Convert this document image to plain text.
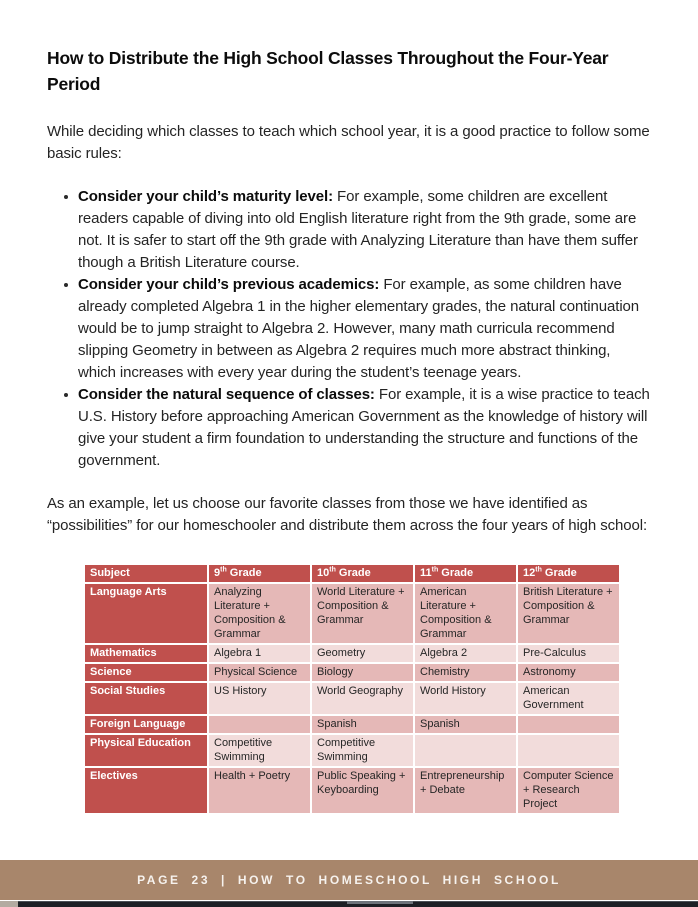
How to Distribute the High School Classes Throughout the Four-Year Period

While deciding which classes to teach which school year, it is a good practice to follow some basic rules:

Consider your child’s maturity level: For example, some children are excellent readers capable of diving into old English literature right from the 9th grade, some are not. It is safer to start off the 9th grade with Analyzing Literature than have them suffer though a British Literature course.
Consider your child’s previous academics: For example, as some children have already completed Algebra 1 in the higher elementary grades, the natural continuation would be to jump straight to Algebra 2. However, many math curricula recommend slipping Geometry in between as Algebra 2 requires much more abstract thinking, which increases with every year during the student’s teenage years.
Consider the natural sequence of classes: For example, it is a wise practice to teach U.S. History before approaching American Government as the knowledge of history will give your student a firm foundation to understanding the structure and functions of the government.

As an example, let us choose our favorite classes from those we have identified as “possibilities” for our homeschooler and distribute them across the four years of high school:

Subject	9th Grade	10th Grade	11th Grade	12th Grade
Language Arts	Analyzing Literature + Composition & Grammar	World Literature + Composition & Grammar	American Literature + Composition & Grammar	British Literature + Composition & Grammar
Mathematics	Algebra 1	Geometry	Algebra 2	Pre-Calculus
Science	Physical Science	Biology	Chemistry	Astronomy
Social Studies	US History	World Geography	World History	American Government
Foreign Language		Spanish	Spanish	
Physical Education	Competitive Swimming	Competitive Swimming		
Electives	Health + Poetry	Public Speaking + Keyboarding	Entrepreneurship + Debate	Computer Science + Research Project
PAGE 23 | HOW TO HOMESCHOOL HIGH SCHOOL
